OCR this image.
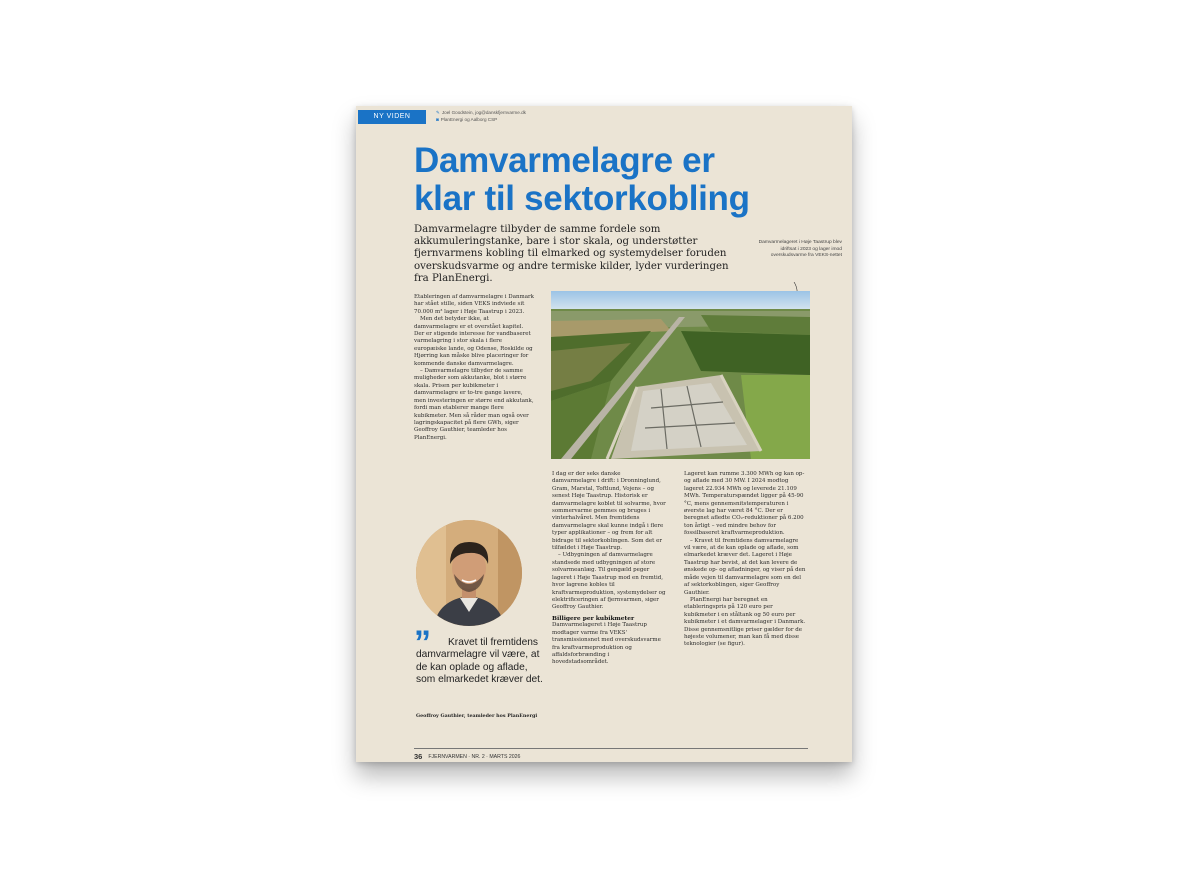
NY VIDEN
✎ Joel Goodstein, jog@danskfjernvarme.dk
◙ PlanEnergi og Aalborg CSP
Damvarmelagre er
klar til sektorkobling
Damvarmelagre tilbyder de samme fordele som akkumuleringstanke, bare i stor skala, og understøtter fjernvarmens kobling til elmarked og systemydelser foruden overskudsvarme og andre termiske kilder, lyder vurderingen fra PlanEnergi.
Damvarmelageret i Høje Taastrup blev idriftsat i 2023 og lager imod overskudsvarme fra VEKS-nettet

Etableringen af damvarmelagre i Danmark har stået stille, siden VEKS indviede sit 70.000 m³ lager i Høje Taastrup i 2023.

Men det betyder ikke, at damvarmelagre er et overstået kapitel. Der er stigende interesse for vandbaseret varmelagring i stor skala i flere europæiske lande, og Odense, Roskilde og Hjørring kan måske blive placeringer for kommende danske damvarmelagre.

– Damvarmelagre tilbyder de samme muligheder som akkutanke, blot i større skala. Prisen per kubikmeter i damvarmelagre er to-tre gange lavere, men investeringen er større end akkutank, fordi man etablerer mange flere kubikmeter. Men så råder man også over lagringskapacitet på flere GWh, siger Geoffroy Gauthier, teamleder hos PlanEnergi.

I dag er der seks danske damvarmelagre i drift: i Dronninglund, Gram, Marstal, Toftlund, Vojens – og senest Høje Taastrup. Historisk er damvarmelagre koblet til solvarme, hvor sommervarme gemmes og bruges i vinterhalvåret. Men fremtidens damvarmelagre skal kunne indgå i flere typer applikationer – og frem for alt bidrage til sektorkoblingen. Som det er tilfældet i Høje Taastrup.

– Udbygningen af damvarmelagre standsede med udbygningen af store solvarmeanlæg. Til gengæld peger lageret i Høje Taastrup mod en fremtid, hvor lagrene kobles til kraftvarmeproduktion, systemydelser og elektrificeringen af fjernvarmen, siger Geoffroy Gauthier.

Billigere per kubikmeter

Damvarmelageret i Høje Taastrup modtager varme fra VEKS' transmissionsnet med overskudsvarme fra kraftvarmeproduktion og affaldsforbrænding i hovedstadsområdet.

Lageret kan rumme 3.300 MWh og kan op- og aflade med 30 MW. I 2024 modtog lageret 22.934 MWh og leverede 21.109 MWh. Temperaturspændet ligger på 45-90 °C, mens gennemsnitstemperaturen i øverste lag har været 84 °C. Der er beregnet afledte CO₂-reduktioner på 6.200 ton årligt – ved mindre behov for fossilbaseret kraftvarmeproduktion.

– Kravet til fremtidens damvarmelagre vil være, at de kan oplade og aflade, som elmarkedet kræver det. Lageret i Høje Taastrup har bevist, at det kan levere de ønskede op- og afladninger, og viser på den måde vejen til damvarmelagre som en del af sektorkoblingen, siger Geoffroy Gauthier.

PlanEnergi har beregnet en etableringspris på 120 euro per kubikmeter i en ståltank og 50 euro per kubikmeter i et damvarmelager i Danmark. Disse gennemsnitlige priser gælder for de højeste volumener, man kan få med disse teknologier (se figur).

”	Kravet til fremtidens damvarmelagre vil være, at de kan oplade og aflade, som elmarkedet kræver det.
Geoffroy Gauthier, teamleder hos PlanEnergi
36 FJERNVARMEN · NR. 2 · MARTS 2026
